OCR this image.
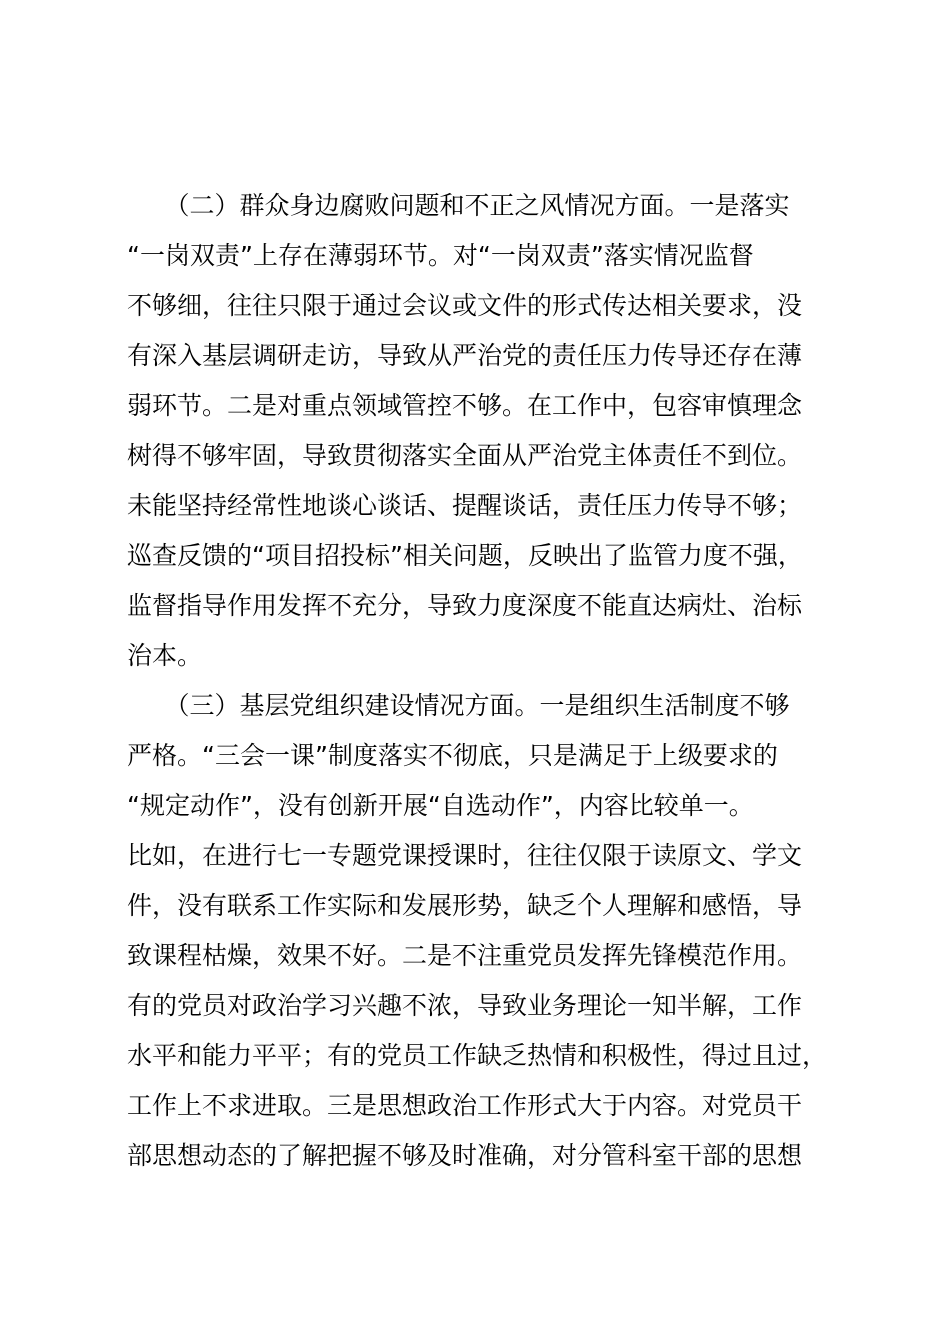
　　（二）群众身边腐败问题和不正之风情况方面。一是落实
“一岗双责”上存在薄弱环节。对“一岗双责”落实情况监督
不够细，往往只限于通过会议或文件的形式传达相关要求，没
有深入基层调研走访，导致从严治党的责任压力传导还存在薄
弱环节。二是对重点领域管控不够。在工作中，包容审慎理念
树得不够牢固，导致贯彻落实全面从严治党主体责任不到位。
未能坚持经常性地谈心谈话、提醒谈话，责任压力传导不够；
巡查反馈的“项目招投标”相关问题，反映出了监管力度不强，
监督指导作用发挥不充分，导致力度深度不能直达病灶、治标
治本。
　　（三）基层党组织建设情况方面。一是组织生活制度不够
严格。“三会一课”制度落实不彻底，只是满足于上级要求的
“规定动作”，没有创新开展“自选动作”，内容比较单一。
比如，在进行七一专题党课授课时，往往仅限于读原文、学文
件，没有联系工作实际和发展形势，缺乏个人理解和感悟，导
致课程枯燥，效果不好。二是不注重党员发挥先锋模范作用。
有的党员对政治学习兴趣不浓，导致业务理论一知半解，工作
水平和能力平平；有的党员工作缺乏热情和积极性，得过且过，
工作上不求进取。三是思想政治工作形式大于内容。对党员干
部思想动态的了解把握不够及时准确，对分管科室干部的思想
